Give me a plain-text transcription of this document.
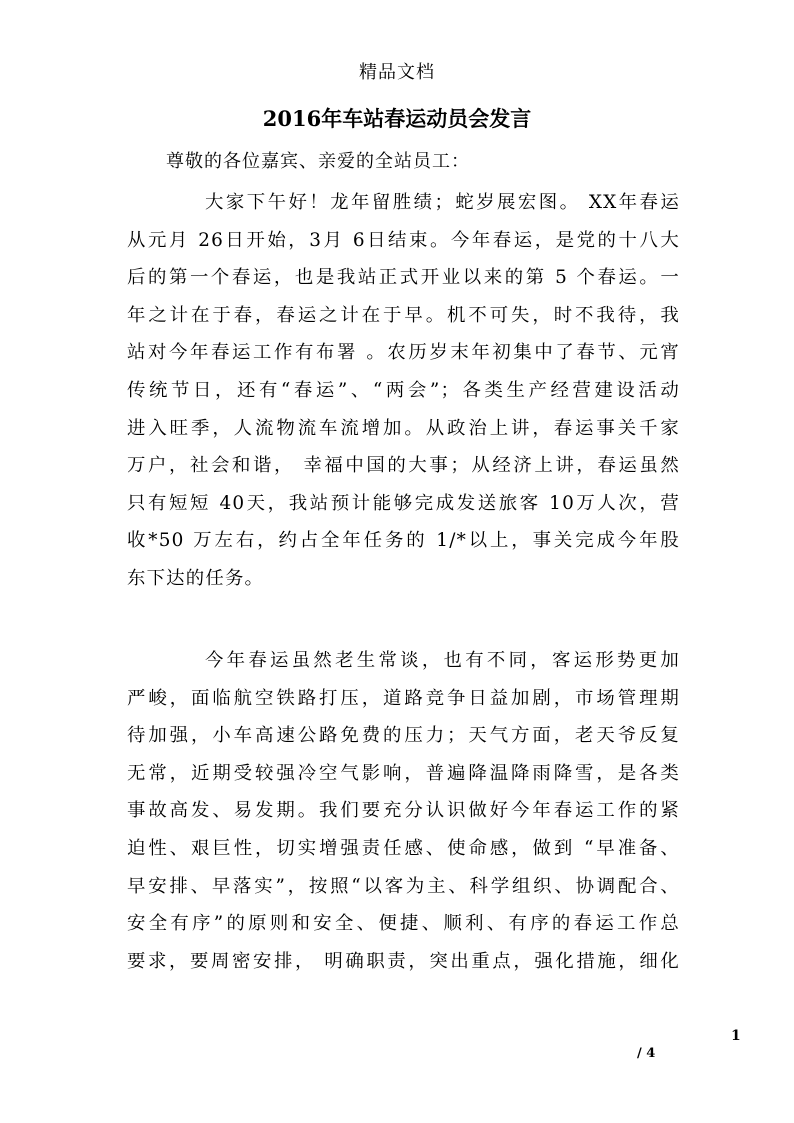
精品文档
2016年车站春运动员会发言
尊敬的各位嘉宾、亲爱的全站员工：
大家下午好！龙年留胜绩；蛇岁展宏图。 XX年春运
从元月 26日开始，3月 6日结束。今年春运，是党的十八大
后的第一个春运，也是我站正式开业以来的第 5 个春运。一
年之计在于春，春运之计在于早。机不可失，时不我待，我
站对今年春运工作有布署 。农历岁末年初集中了春节、元宵
传统节日，还有“春运”、“两会”；各类生产经营建设活动
进入旺季，人流物流车流增加。从政治上讲，春运事关千家
万户，社会和谐， 幸福中国的大事；从经济上讲，春运虽然
只有短短 40天，我站预计能够完成发送旅客 10万人次，营
收*50 万左右，约占全年任务的 1/*以上，事关完成今年股
东下达的任务。
今年春运虽然老生常谈，也有不同，客运形势更加
严峻，面临航空铁路打压，道路竞争日益加剧，市场管理期
待加强，小车高速公路免费的压力；天气方面，老天爷反复
无常，近期受较强冷空气影响，普遍降温降雨降雪，是各类
事故高发、易发期。我们要充分认识做好今年春运工作的紧
迫性、艰巨性，切实增强责任感、使命感，做到 “早准备、
早安排、早落实”，按照“以客为主、科学组织、协调配合、
安全有序”的原则和安全、便捷、顺利、有序的春运工作总
要求，要周密安排， 明确职责，突出重点，强化措施，细化
1
/ 4
